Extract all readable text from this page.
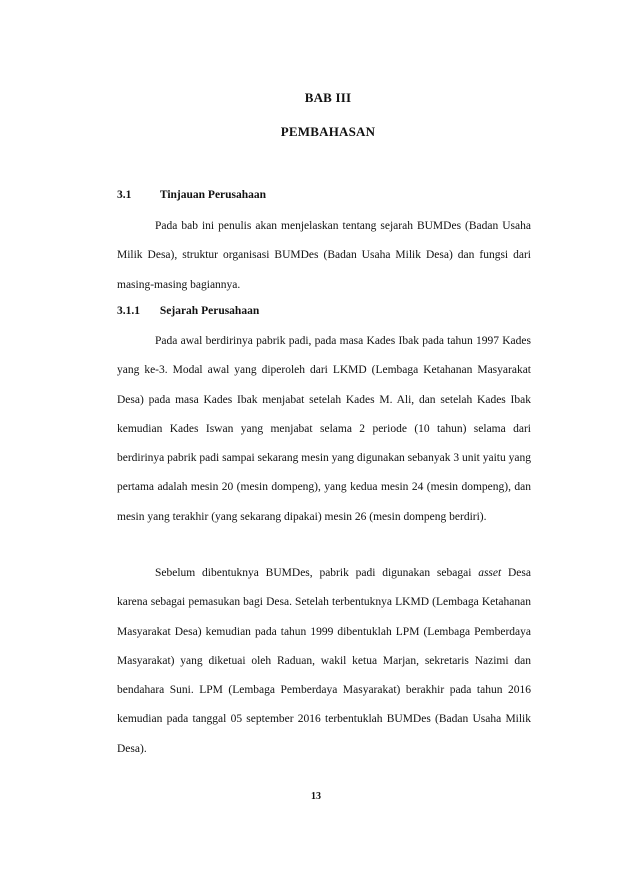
BAB III
PEMBAHASAN
3.1 Tinjauan Perusahaan

Pada bab ini penulis akan menjelaskan tentang sejarah BUMDes (Badan Usaha Milik Desa), struktur organisasi BUMDes (Badan Usaha Milik Desa) dan fungsi dari masing-masing bagiannya.

3.1.1 Sejarah Perusahaan

Pada awal berdirinya pabrik padi, pada masa Kades Ibak pada tahun 1997 Kades yang ke-3. Modal awal yang diperoleh dari LKMD (Lembaga Ketahanan Masyarakat Desa) pada masa Kades Ibak menjabat setelah Kades M. Ali, dan setelah Kades Ibak kemudian Kades Iswan yang menjabat selama 2 periode (10 tahun) selama dari berdirinya pabrik padi sampai sekarang mesin yang digunakan sebanyak 3 unit yaitu yang pertama adalah mesin 20 (mesin dompeng), yang kedua mesin 24 (mesin dompeng), dan mesin yang terakhir (yang sekarang dipakai) mesin 26 (mesin dompeng berdiri).

Sebelum dibentuknya BUMDes, pabrik padi digunakan sebagai asset Desa karena sebagai pemasukan bagi Desa. Setelah terbentuknya LKMD (Lembaga Ketahanan Masyarakat Desa) kemudian pada tahun 1999 dibentuklah LPM (Lembaga Pemberdaya Masyarakat) yang diketuai oleh Raduan, wakil ketua Marjan, sekretaris Nazimi dan bendahara Suni. LPM (Lembaga Pemberdaya Masyarakat) berakhir pada tahun 2016 kemudian pada tanggal 05 september 2016 terbentuklah BUMDes (Badan Usaha Milik Desa).

13
